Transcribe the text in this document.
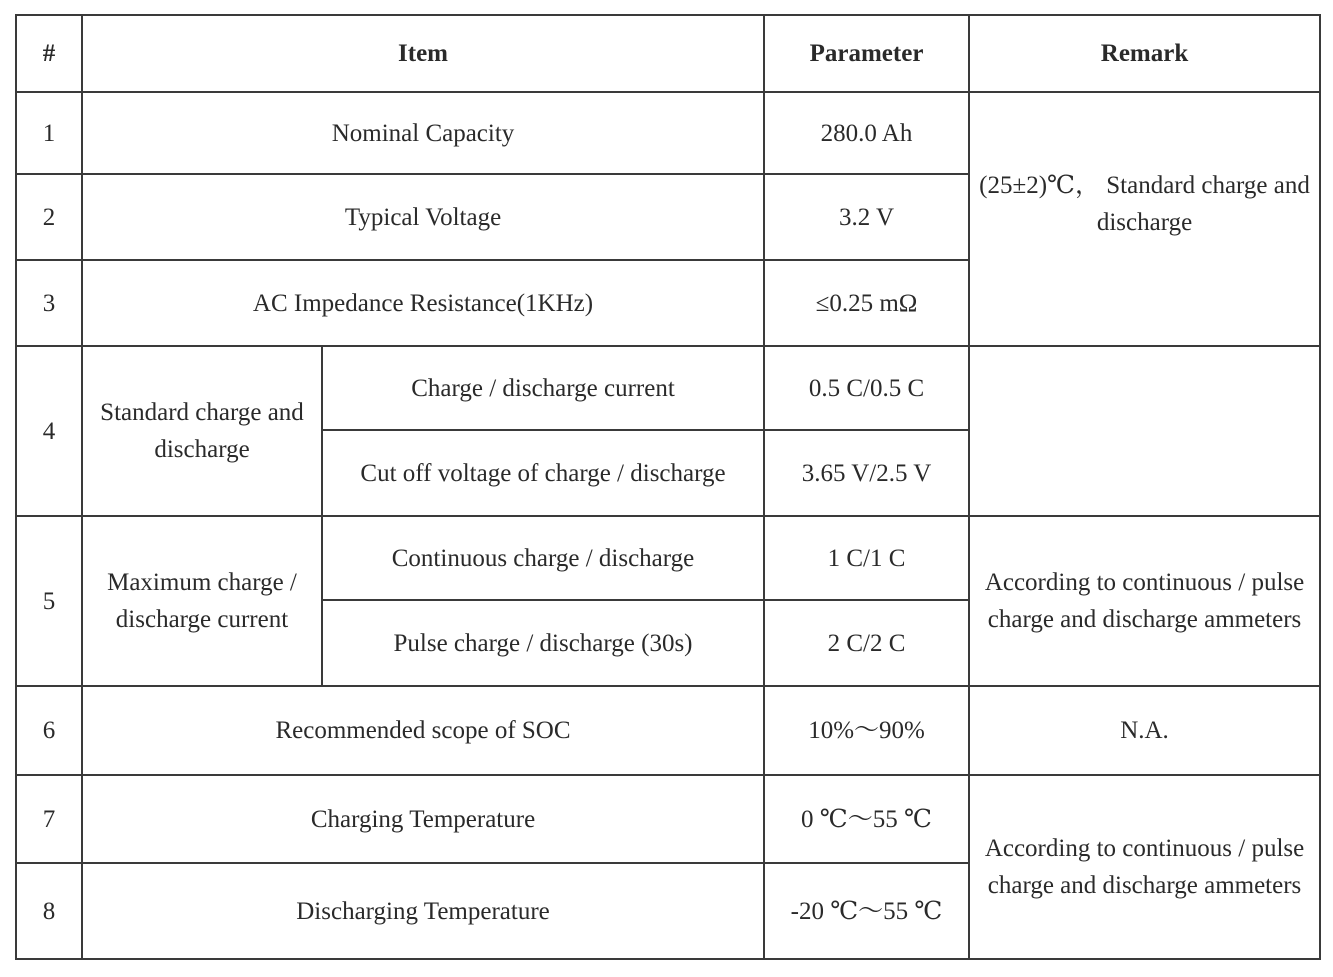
#	Item		Parameter	Remark
1	Nominal Capacity		280.0 Ah	(25±2)℃， Standard charge and discharge

2	Typical Voltage		3.2 V	
3	AC Impedance Resistance(1KHz)		≤0.25 mΩ	
4	Standard charge and discharge	Charge / discharge current	0.5 C/0.5 C	
		Cut off voltage of charge / discharge	3.65 V/2.5 V	
5	Maximum charge / discharge current	Continuous charge / discharge	1 C/1 C	According to continuous / pulse charge and discharge ammeters
		Pulse charge / discharge (30s)	2 C/2 C	
6	Recommended scope of SOC		10%～90%	N.A.
7	Charging Temperature		0 ℃～55 ℃	According to continuous / pulse charge and discharge ammeters
8	Discharging Temperature		-20 ℃～55 ℃	
